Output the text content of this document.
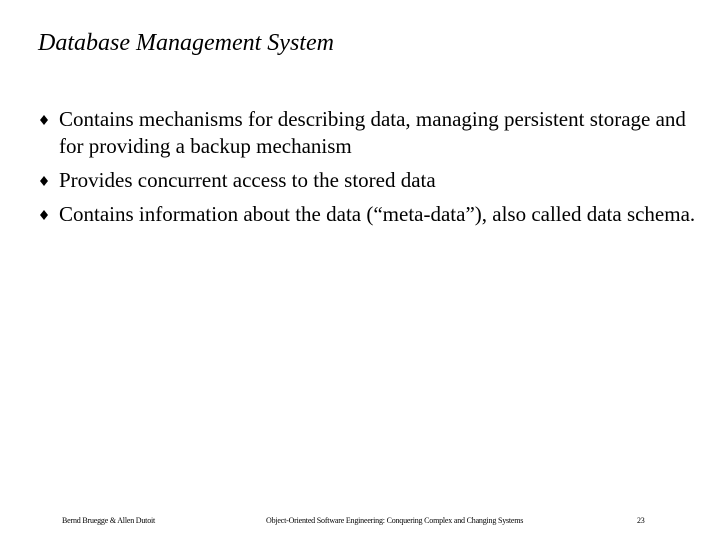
Database Management System
Contains mechanisms for describing data, managing persistent storage and for providing a backup mechanism
Provides concurrent access to the stored data
Contains information about the data (“meta-data”), also called data schema.
Bernd Bruegge & Allen Dutoit	Object-Oriented Software Engineering: Conquering Complex and Changing Systems	23
